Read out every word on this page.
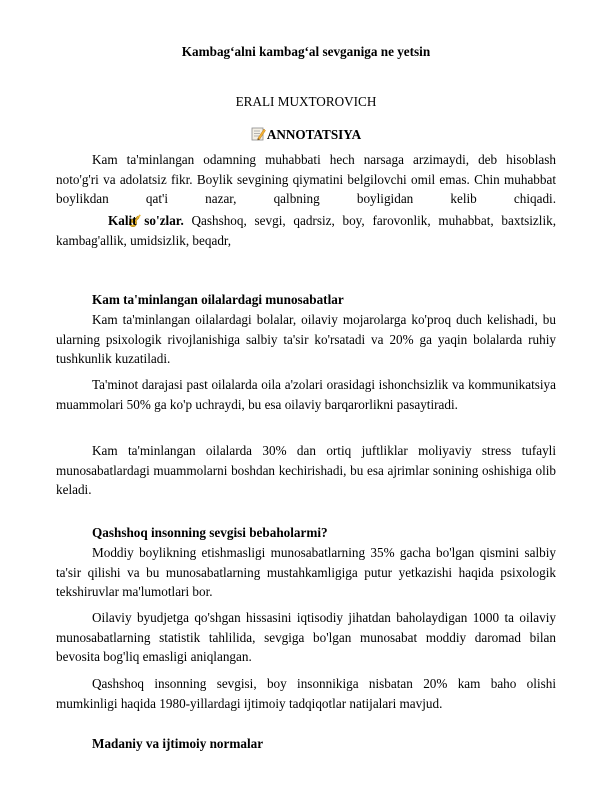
Kambag‘alni kambag‘al sevganiga ne yetsin
ERALI MUXTOROVICH
ANNOTATSIYA

Kam ta'minlangan odamning muhabbati hech narsaga arzimaydi, deb hisoblash noto'g'ri va adolatsiz fikr. Boylik sevgining qiymatini belgilovchi omil emas. Chin muhabbat boylikdan qat'i nazar, qalbning boyligidan kelib chiqadi.

Kalit so'zlar. Qashshoq, sevgi, qadrsiz, boy, farovonlik, muhabbat, baxtsizlik, kambag'allik, umidsizlik, beqadr,

Kam ta'minlangan oilalardagi munosabatlar

Kam ta'minlangan oilalardagi bolalar, oilaviy mojarolarga ko'proq duch kelishadi, bu ularning psixologik rivojlanishiga salbiy ta'sir ko'rsatadi va 20% ga yaqin bolalarda ruhiy tushkunlik kuzatiladi.

Ta'minot darajasi past oilalarda oila a'zolari orasidagi ishonchsizlik va kommunikatsiya muammolari 50% ga ko'p uchraydi, bu esa oilaviy barqarorlikni pasaytiradi.

Kam ta'minlangan oilalarda 30% dan ortiq juftliklar moliyaviy stress tufayli munosabatlardagi muammolarni boshdan kechirishadi, bu esa ajrimlar sonining oshishiga olib keladi.

Qashshoq insonning sevgisi bebaholarmi?

Moddiy boylikning etishmasligi munosabatlarning 35% gacha bo'lgan qismini salbiy ta'sir qilishi va bu munosabatlarning mustahkamligiga putur yetkazishi haqida psixologik tekshiruvlar ma'lumotlari bor.

Oilaviy byudjetga qo'shgan hissasini iqtisodiy jihatdan baholaydigan 1000 ta oilaviy munosabatlarning statistik tahlilida, sevgiga bo'lgan munosabat moddiy daromad bilan bevosita bog'liq emasligi aniqlangan.

Qashshoq insonning sevgisi, boy insonnikiga nisbatan 20% kam baho olishi mumkinligi haqida 1980-yillardagi ijtimoiy tadqiqotlar natijalari mavjud.

Madaniy va ijtimoiy normalar
